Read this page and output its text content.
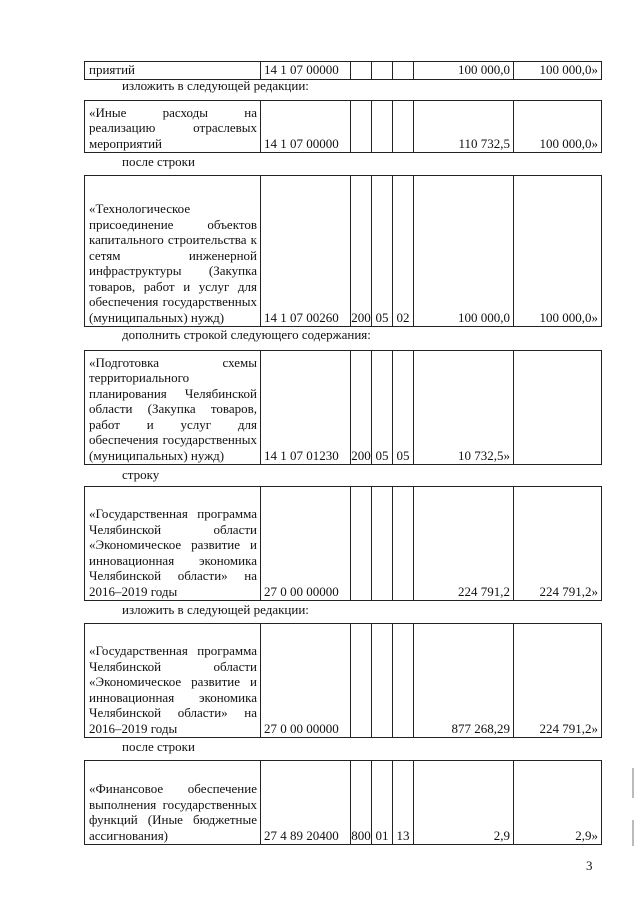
приятий	14 1 07 00000				100 000,0	100 000,0»
изложить в следующей редакции:
«Иные расходы на реализацию отраслевых мероприятий	14 1 07 00000				110 732,5	100 000,0»
после строки
«Технологическое присоединение объектов капитального строительства к сетям инженерной инфраструктуры (Закупка товаров, работ и услуг для обеспечения государственных (муниципальных) нужд)	14 1 07 00260	200	05	02	100 000,0	100 000,0»
дополнить строкой следующего содержания:
«Подготовка схемы территориального планирования Челябинской области (Закупка товаров, работ и услуг для обеспечения государственных (муниципальных) нужд)	14 1 07 01230	200	05	05	10 732,5»	
строку
«Государственная программа Челябинской области «Экономическое развитие и инновационная экономика Челябинской области» на 2016–2019 годы	27 0 00 00000				224 791,2	224 791,2»
изложить в следующей редакции:
«Государственная программа Челябинской области «Экономическое развитие и инновационная экономика Челябинской области» на 2016–2019 годы	27 0 00 00000				877 268,29	224 791,2»
после строки
«Финансовое обеспечение выполнения государственных функций (Иные бюджетные ассигнования)	27 4 89 20400	800	01	13	2,9	2,9»
3
